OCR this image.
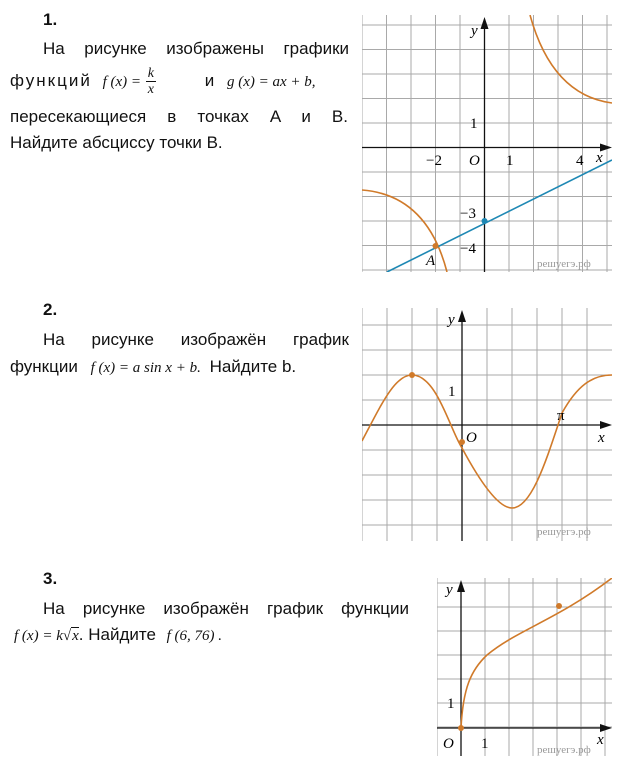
1.
На рисунке изображены графики
функций f $(x) = \frac{k}{x}$	и g (x) = ax + b,
пересекающиеся в точках A и B.
Найдите абсциссу точки B.
y
x
O
−2	1	4
1
−3
−4
A	решуегэ.рф
2.
На рисунке изображён график
функции f (x) = a sin x + b. Найдите b.
y
x
O
1
π
решуегэ.рф
3.
На рисунке изображён график функции
f (x) = k√x. Найдите f (6, 76) .
y
x
O 1
1
решуегэ.рф
